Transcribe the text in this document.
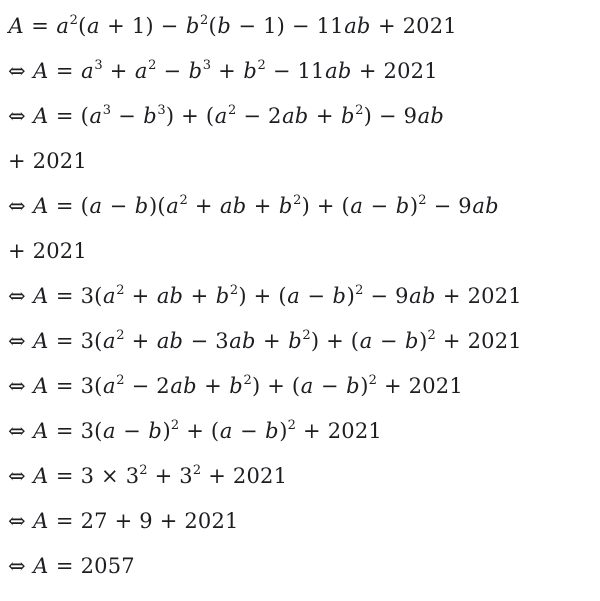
$A = a^2(a + 1) - b^2(b - 1) - 11ab + 2021$
⇔ $A = a^3 + a^2 - b^3 + b^2 - 11ab + 2021$
⇔ $A = (a^3 - b^3) + (a^2 - 2ab + b^2) - 9ab$
+ 2021
⇔ $A = (a - b)(a^2$ + ab + $b^2) + (a - b)^2 - 9ab$
+ 2021
⇔ $A = 3(a^2$ + ab + $b^2) + (a - b)^2 - 9ab + 2021$
⇔ $A = 3(a^2$ + ab − $3ab + b^2) + (a - b)^2 + 2021$
⇔ $A = 3(a^2 - 2ab + b^2) + (a - b)^2 + 2021$
⇔ $A = 3(a - b)^2 + (a - b)^2 + 2021$
⇔ $A = 3 \times 3^2 + 3^2 + 2021$
⇔ A = 27 + 9 + 2021
⇔ A = 2057
